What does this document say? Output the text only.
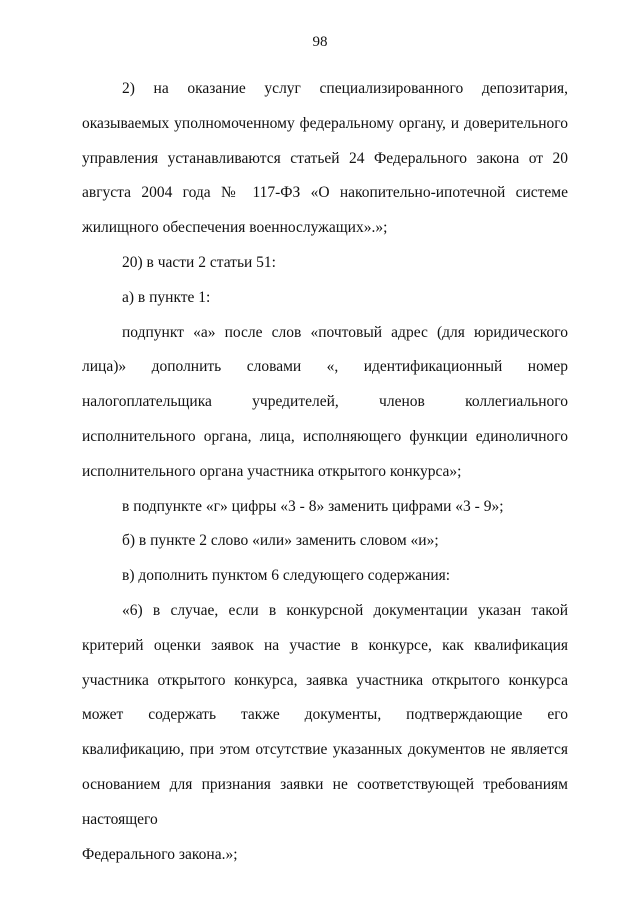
98

2) на оказание услуг специализированного депозитария, оказываемых уполномоченному федеральному органу, и доверительного управления устанавливаются статьей 24 Федерального закона от 20 августа 2004 года № 117-ФЗ «О накопительно-ипотечной системе жилищного обеспечения военнослужащих».»;

20) в части 2 статьи 51:

а) в пункте 1:

подпункт «а» после слов «почтовый адрес (для юридического лица)» дополнить словами «, идентификационный номер налогоплательщика учредителей, членов коллегиального исполнительного органа, лица, исполняющего функции единоличного исполнительного органа участника открытого конкурса»;

в подпункте «г» цифры «3 - 8» заменить цифрами «3 - 9»;

б) в пункте 2 слово «или» заменить словом «и»;

в) дополнить пунктом 6 следующего содержания:

«6) в случае, если в конкурсной документации указан такой критерий оценки заявок на участие в конкурсе, как квалификация участника открытого конкурса, заявка участника открытого конкурса может содержать также документы, подтверждающие его квалификацию, при этом отсутствие указанных документов не является основанием для признания заявки не соответствующей требованиям настоящего

Федерального закона.»;
